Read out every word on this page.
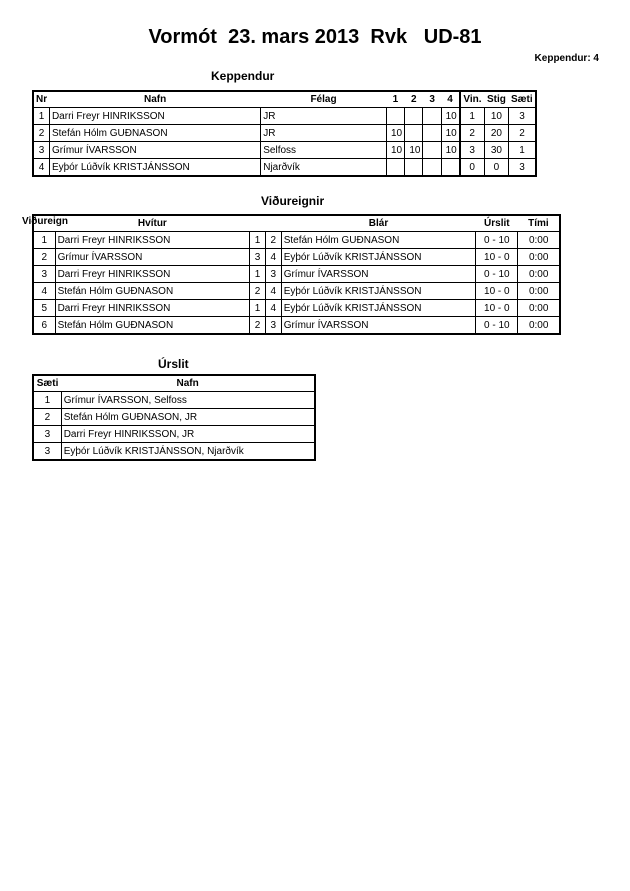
Vormót  23. mars 2013  Rvk   UD-81
Keppendur: 4
Keppendur
Nr	Nafn	Félag	1	2	3	4	Vin.	Stig	Sæti
1	Darri Freyr HINRIKSSON	JR				10	1	10	3
2	Stefán Hólm GUÐNASON	JR	10			10	2	20	2
3	Grímur ÍVARSSON	Selfoss	10	10		10	3	30	1
4	Eyþór Lúðvík KRISTJÁNSSON	Njarðvík					0	0	3
Viðureignir
Viðureign
		Hvítur			Blár	Úrslit	Tími
1	Darri Freyr HINRIKSSON	1	2	Stefán Hólm GUÐNASON	0 - 10	0:00
2	Grímur ÍVARSSON	3	4	Eyþór Lúðvík KRISTJÁNSSON	10 - 0	0:00
3	Darri Freyr HINRIKSSON	1	3	Grímur ÍVARSSON	0 - 10	0:00
4	Stefán Hólm GUÐNASON	2	4	Eyþór Lúðvík KRISTJÁNSSON	10 - 0	0:00
5	Darri Freyr HINRIKSSON	1	4	Eyþór Lúðvík KRISTJÁNSSON	10 - 0	0:00
6	Stefán Hólm GUÐNASON	2	3	Grímur ÍVARSSON	0 - 10	0:00
Úrslit
Sæti	Nafn
1	Grímur ÍVARSSON, Selfoss
2	Stefán Hólm GUÐNASON, JR
3	Darri Freyr HINRIKSSON, JR
3	Eyþór Lúðvík KRISTJÁNSSON, Njarðvík
